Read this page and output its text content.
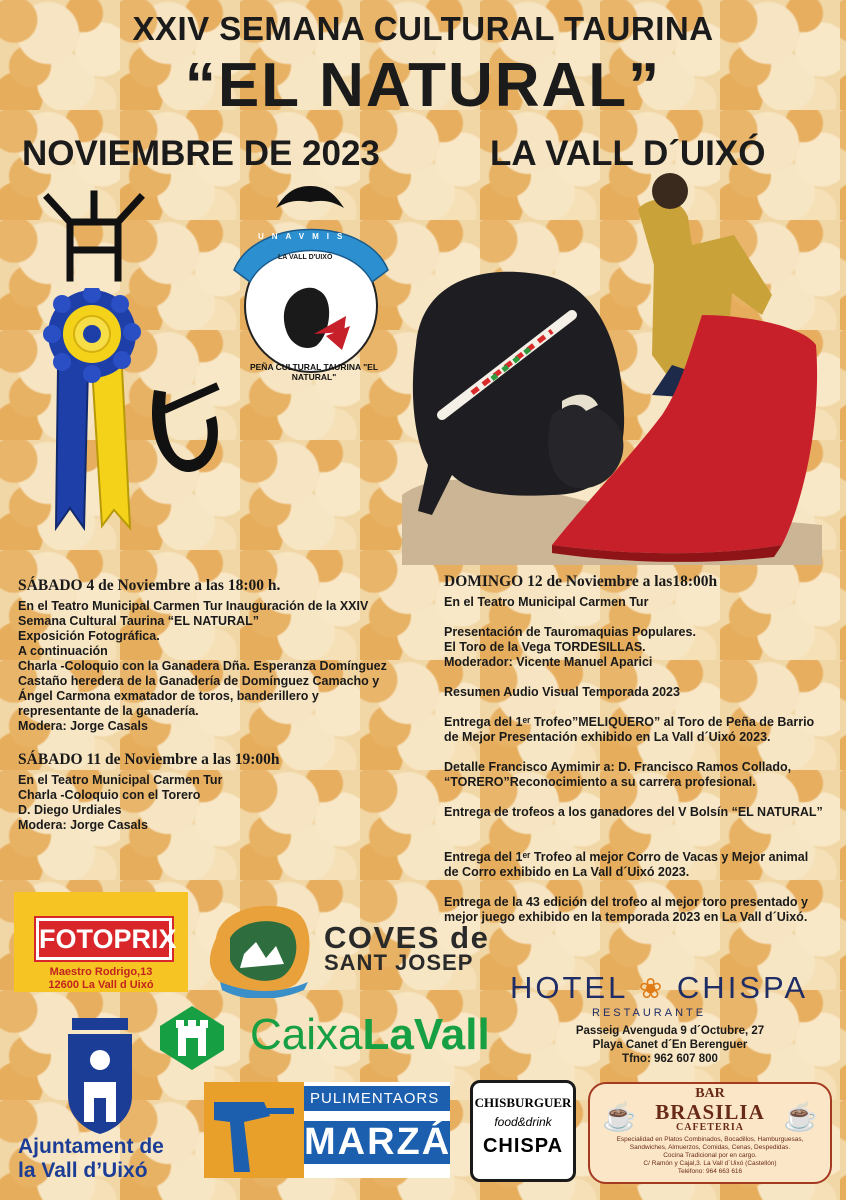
XXIV SEMANA CULTURAL TAURINA
“EL NATURAL”
NOVIEMBRE DE 2023	LA VALL D´UIXÓ
UNAVMIS
LA VALL D'UIXÓ
PEÑA CULTURAL TAURINA "EL NATURAL"
SÁBADO 4 de Noviembre a las 18:00 h.

En el Teatro Municipal Carmen Tur Inauguración de la XXIV

Semana Cultural Taurina “EL NATURAL”

Exposición Fotográfica.

A continuación

Charla -Coloquio con la Ganadera Dña. Esperanza Domínguez

Castaño heredera de la Ganadería de Domínguez Camacho y

Ángel Carmona exmatador de toros, banderillero y

representante de la ganadería.

Modera: Jorge Casals

SÁBADO 11 de Noviembre a las 19:00h

En el Teatro Municipal Carmen Tur

Charla -Coloquio con el Torero

D. Diego Urdiales

Modera: Jorge Casals

DOMINGO 12 de Noviembre a las18:00h

En el Teatro Municipal Carmen Tur

Presentación de Tauromaquias Populares.

El Toro de la Vega TORDESILLAS.

Moderador: Vicente Manuel Aparici

Resumen Audio Visual Temporada 2023

Entrega del 1ᵉʳ Trofeo”MELIQUERO” al Toro de Peña de Barrio

de Mejor Presentación exhibido en La Vall d´Uixó 2023.

Detalle Francisco Aymimir a: D. Francisco Ramos Collado,

“TORERO”Reconocimiento a su carrera profesional.

Entrega de trofeos a los ganadores del V Bolsín “EL NATURAL”

Entrega del 1ᵉʳ Trofeo al mejor Corro de Vacas y Mejor animal

de Corro exhibido en La Vall d´Uixó 2023.

Entrega de la 43 edición del trofeo al mejor toro presentado y

mejor juego exhibido en la temporada 2023 en La Vall d´Uixó.

FOTOPRIX
Maestro Rodrigo,13
12600 La Vall d Uixó
COVES de
SANT JOSEP
HOTEL ❀ CHISPA
RESTAURANTE
Passeig Avenguda 9 d´Octubre, 27
Playa Canet d´En Berenguer
Tfno: 962 607 800
CaixaLaVall
Ajuntament de
la Vall d’Uixó
PULIMENTAORS
MARZÁ
CHISBURGUER
food&drink
CHISPA
☕	☕
BAR
BRASILIA
CAFETERIA
Especialidad en Platos Combinados, Bocadillos, Hamburguesas,
Sandwiches, Almuerzos, Comidas, Cenas, Despedidas.
Cocina Tradicional por en cargo.
C/ Ramón y Cajal,3. La Vall d´Uixó (Castellón)
Teléfono: 964 663 616
